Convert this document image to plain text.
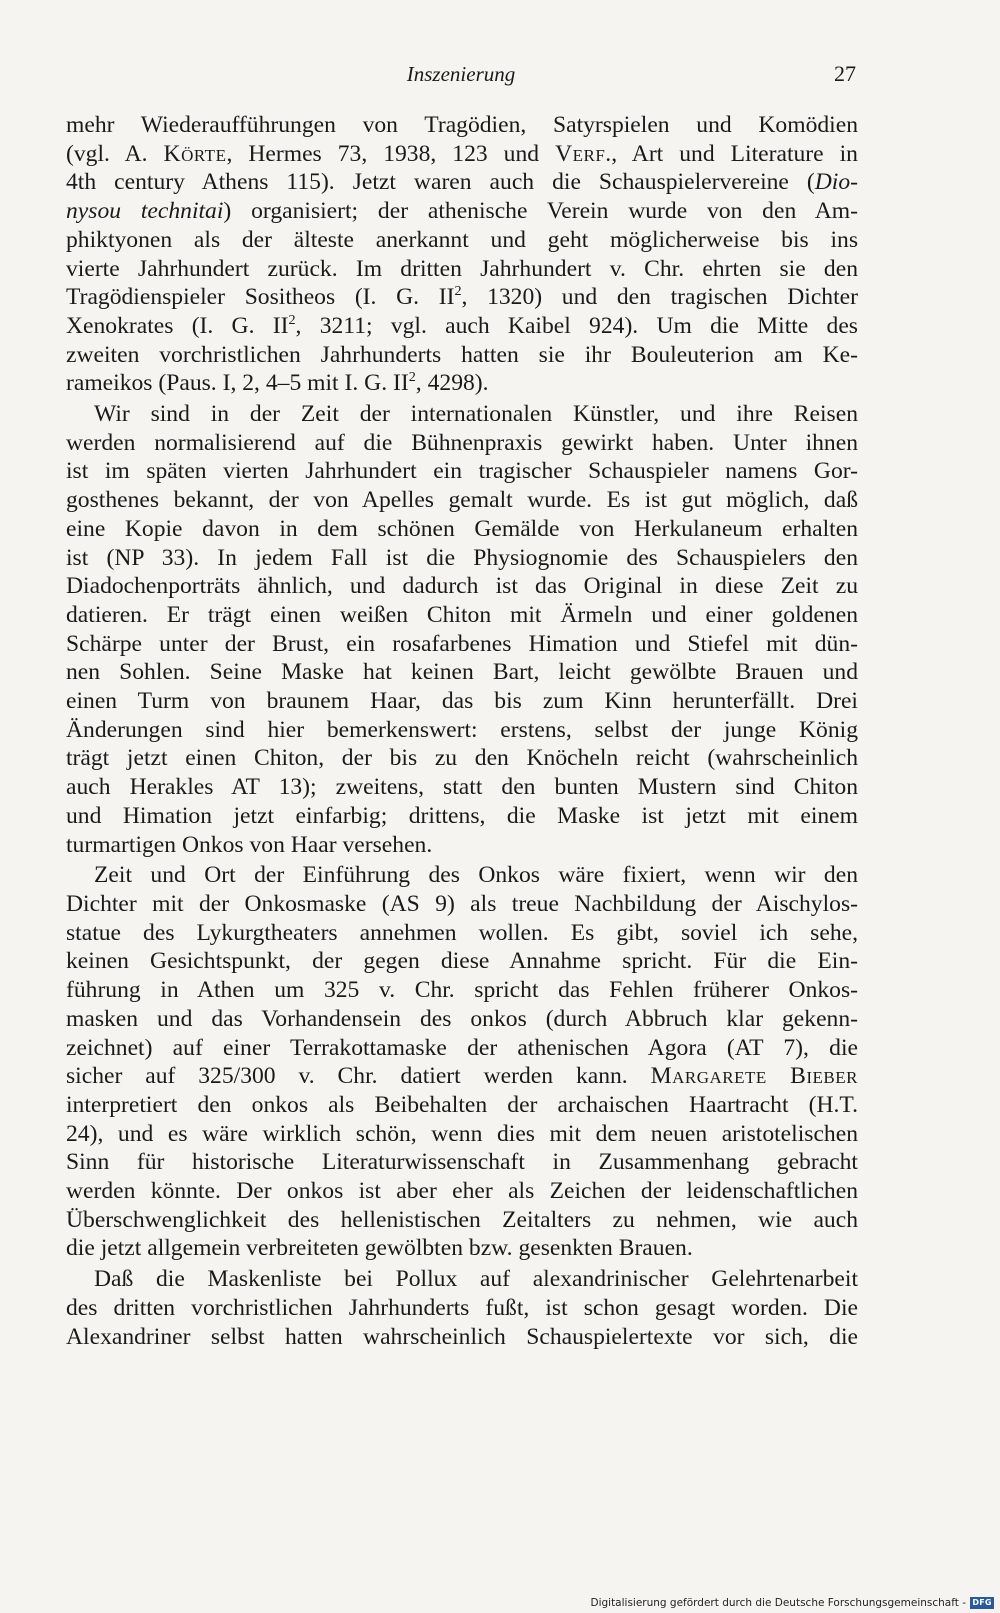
Inszenierung	27

mehr Wiederaufführungen von Tragödien, Satyrspielen und Komödien
(vgl. A. Körte, Hermes 73, 1938, 123 und Verf., Art und Literature in
4th century Athens 115). Jetzt waren auch die Schauspielervereine (Dio-
nysou technitai) organisiert; der athenische Verein wurde von den Am-
phiktyonen als der älteste anerkannt und geht möglicherweise bis ins
vierte Jahrhundert zurück. Im dritten Jahrhundert v. Chr. ehrten sie den
Tragödienspieler Sositheos (I. G. $II^2$, 1320) und den tragischen Dichter
Xenokrates (I. G. $II^2$, 3211; vgl. auch Kaibel 924). Um die Mitte des
zweiten vorchristlichen Jahrhunderts hatten sie ihr Bouleuterion am Ke-
rameikos (Paus. I, 2, 4–5 mit I. G. $II^2$, 4298).

Wir sind in der Zeit der internationalen Künstler, und ihre Reisen
werden normalisierend auf die Bühnenpraxis gewirkt haben. Unter ihnen
ist im späten vierten Jahrhundert ein tragischer Schauspieler namens Gor-
gosthenes bekannt, der von Apelles gemalt wurde. Es ist gut möglich, daß
eine Kopie davon in dem schönen Gemälde von Herkulaneum erhalten
ist (NP 33). In jedem Fall ist die Physiognomie des Schauspielers den
Diadochenporträts ähnlich, und dadurch ist das Original in diese Zeit zu
datieren. Er trägt einen weißen Chiton mit Ärmeln und einer goldenen
Schärpe unter der Brust, ein rosafarbenes Himation und Stiefel mit dün-
nen Sohlen. Seine Maske hat keinen Bart, leicht gewölbte Brauen und
einen Turm von braunem Haar, das bis zum Kinn herunterfällt. Drei
Änderungen sind hier bemerkenswert: erstens, selbst der junge König
trägt jetzt einen Chiton, der bis zu den Knöcheln reicht (wahrscheinlich
auch Herakles AT 13); zweitens, statt den bunten Mustern sind Chiton
und Himation jetzt einfarbig; drittens, die Maske ist jetzt mit einem
turmartigen Onkos von Haar versehen.

Zeit und Ort der Einführung des Onkos wäre fixiert, wenn wir den
Dichter mit der Onkosmaske (AS 9) als treue Nachbildung der Aischylos-
statue des Lykurgtheaters annehmen wollen. Es gibt, soviel ich sehe,
keinen Gesichtspunkt, der gegen diese Annahme spricht. Für die Ein-
führung in Athen um 325 v. Chr. spricht das Fehlen früherer Onkos-
masken und das Vorhandensein des onkos (durch Abbruch klar gekenn-
zeichnet) auf einer Terrakottamaske der athenischen Agora (AT 7), die
sicher auf 325/300 v. Chr. datiert werden kann. Margarete Bieber
interpretiert den onkos als Beibehalten der archaischen Haartracht (H.T.
24), und es wäre wirklich schön, wenn dies mit dem neuen aristotelischen
Sinn für historische Literaturwissenschaft in Zusammenhang gebracht
werden könnte. Der onkos ist aber eher als Zeichen der leidenschaftlichen
Überschwenglichkeit des hellenistischen Zeitalters zu nehmen, wie auch
die jetzt allgemein verbreiteten gewölbten bzw. gesenkten Brauen.

Daß die Maskenliste bei Pollux auf alexandrinischer Gelehrtenarbeit
des dritten vorchristlichen Jahrhunderts fußt, ist schon gesagt worden. Die
Alexandriner selbst hatten wahrscheinlich Schauspielertexte vor sich, die

Digitalisierung gefördert durch die Deutsche Forschungsgemeinschaft - DFG
